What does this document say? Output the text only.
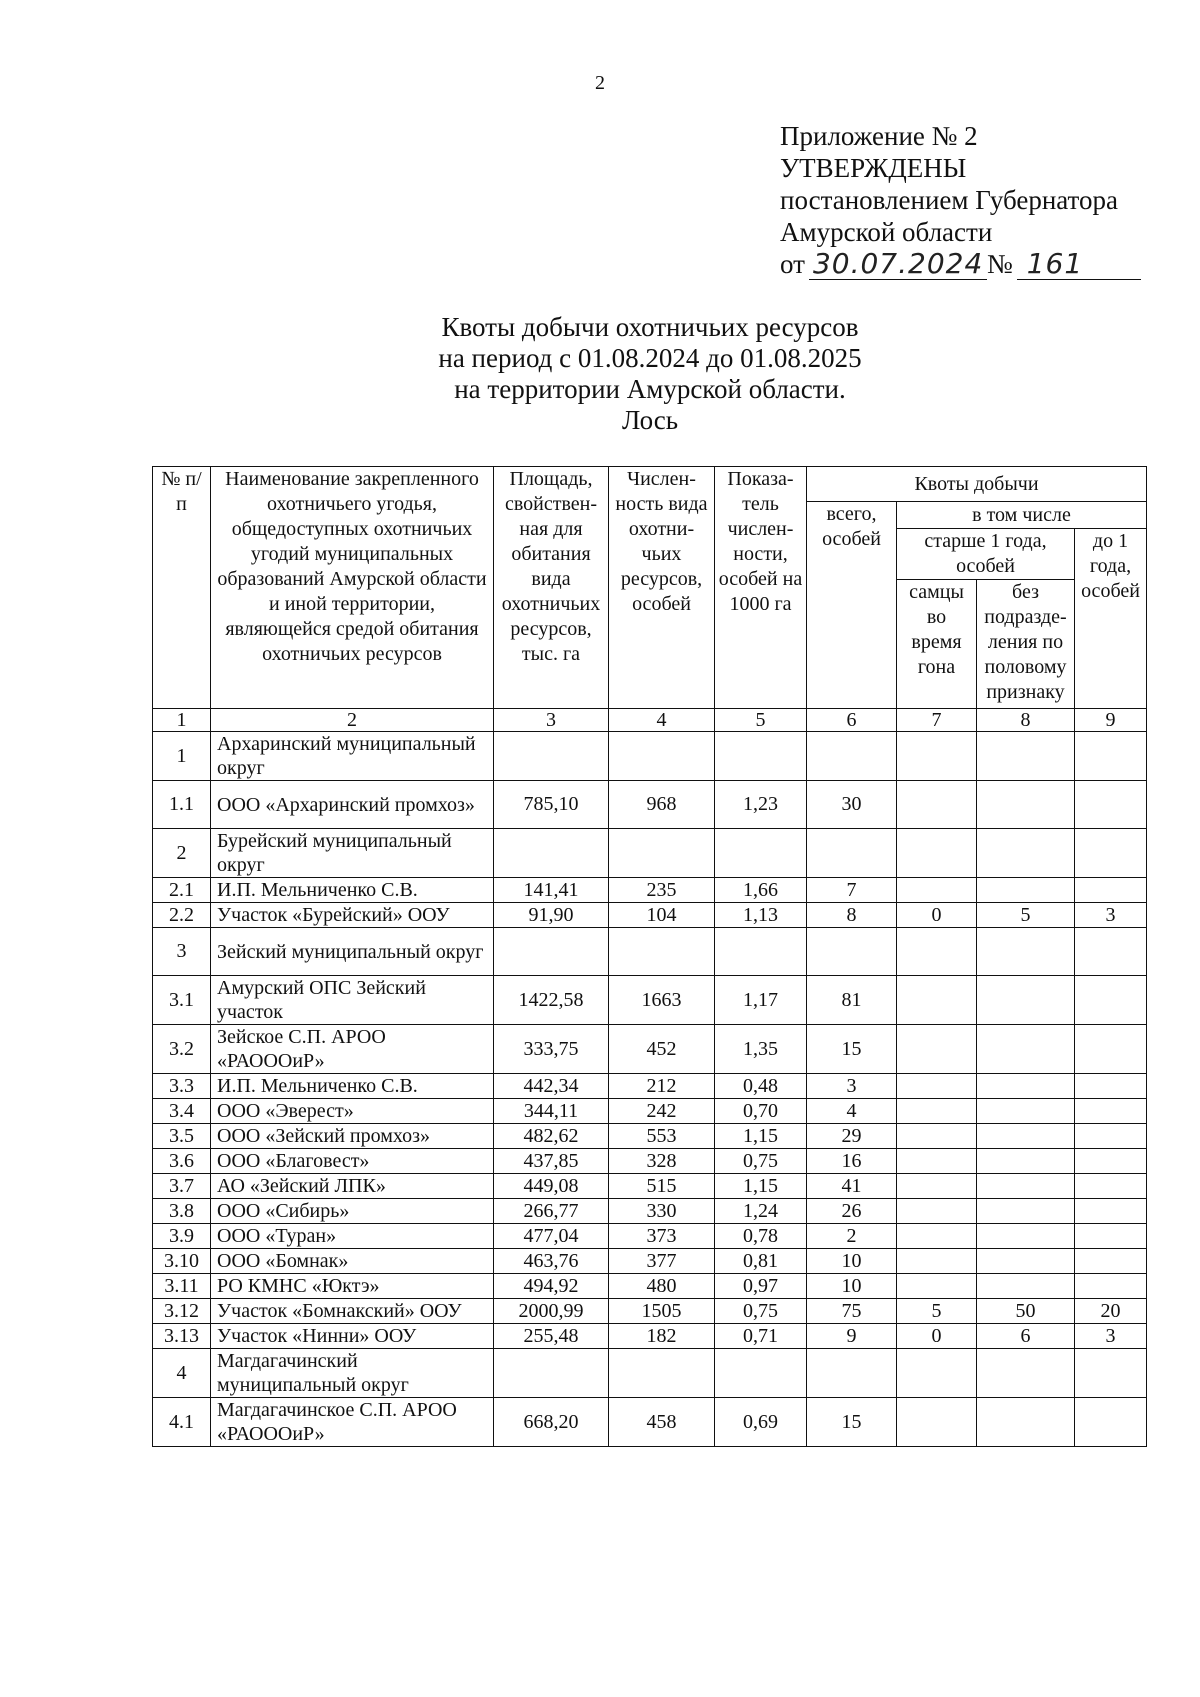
2
Приложение № 2
УТВЕРЖДЕНЫ
постановлением Губернатора
Амурской области
от 30.07.2024 № 161
Квоты добычи охотничьих ресурсов
на период с 01.08.2024 до 01.08.2025
на территории Амурской области.
Лось
№ п/п	Наименование закрепленного охотничьего угодья, общедоступных охотничьих угодий муниципальных образований Амурской области и иной территории, являющейся средой обитания охотничьих ресурсов	Площадь, свойствен-ная для обитания вида охотничьих ресурсов, тыс. га	Числен-ность вида охотни-чьих ресурсов, особей	Показа-тель числен-ности, особей на 1000 га	Квоты добычи			
					всего, особей	в том числе		
						старше 1 года, особей		до 1 года, особей
						самцы во время гона	без подразде-ления по половому признаку	
1	2	3	4	5	6	7	8	9
1	Архаринский муниципальный округ							
1.1	ООО «Архаринский промхоз»	785,10	968	1,23	30			
2	Бурейский муниципальный округ							
2.1	И.П. Мельниченко С.В.	141,41	235	1,66	7			
2.2	Участок «Бурейский» ООУ	91,90	104	1,13	8	0	5	3
3	Зейский муниципальный округ							
3.1	Амурский ОПС Зейский участок	1422,58	1663	1,17	81			
3.2	Зейское С.П. АРОО «РАОООиР»	333,75	452	1,35	15			
3.3	И.П. Мельниченко С.В.	442,34	212	0,48	3			
3.4	ООО «Эверест»	344,11	242	0,70	4			
3.5	ООО «Зейский промхоз»	482,62	553	1,15	29			
3.6	ООО «Благовест»	437,85	328	0,75	16			
3.7	АО «Зейский ЛПК»	449,08	515	1,15	41			
3.8	ООО «Сибирь»	266,77	330	1,24	26			
3.9	ООО «Туран»	477,04	373	0,78	2			
3.10	ООО «Бомнак»	463,76	377	0,81	10			
3.11	РО КМНС «Юктэ»	494,92	480	0,97	10			
3.12	Участок «Бомнакский» ООУ	2000,99	1505	0,75	75	5	50	20
3.13	Участок «Нинни» ООУ	255,48	182	0,71	9	0	6	3
4	Магдагачинский муниципальный округ							
4.1	Магдагачинское С.П. АРОО «РАОООиР»	668,20	458	0,69	15			
